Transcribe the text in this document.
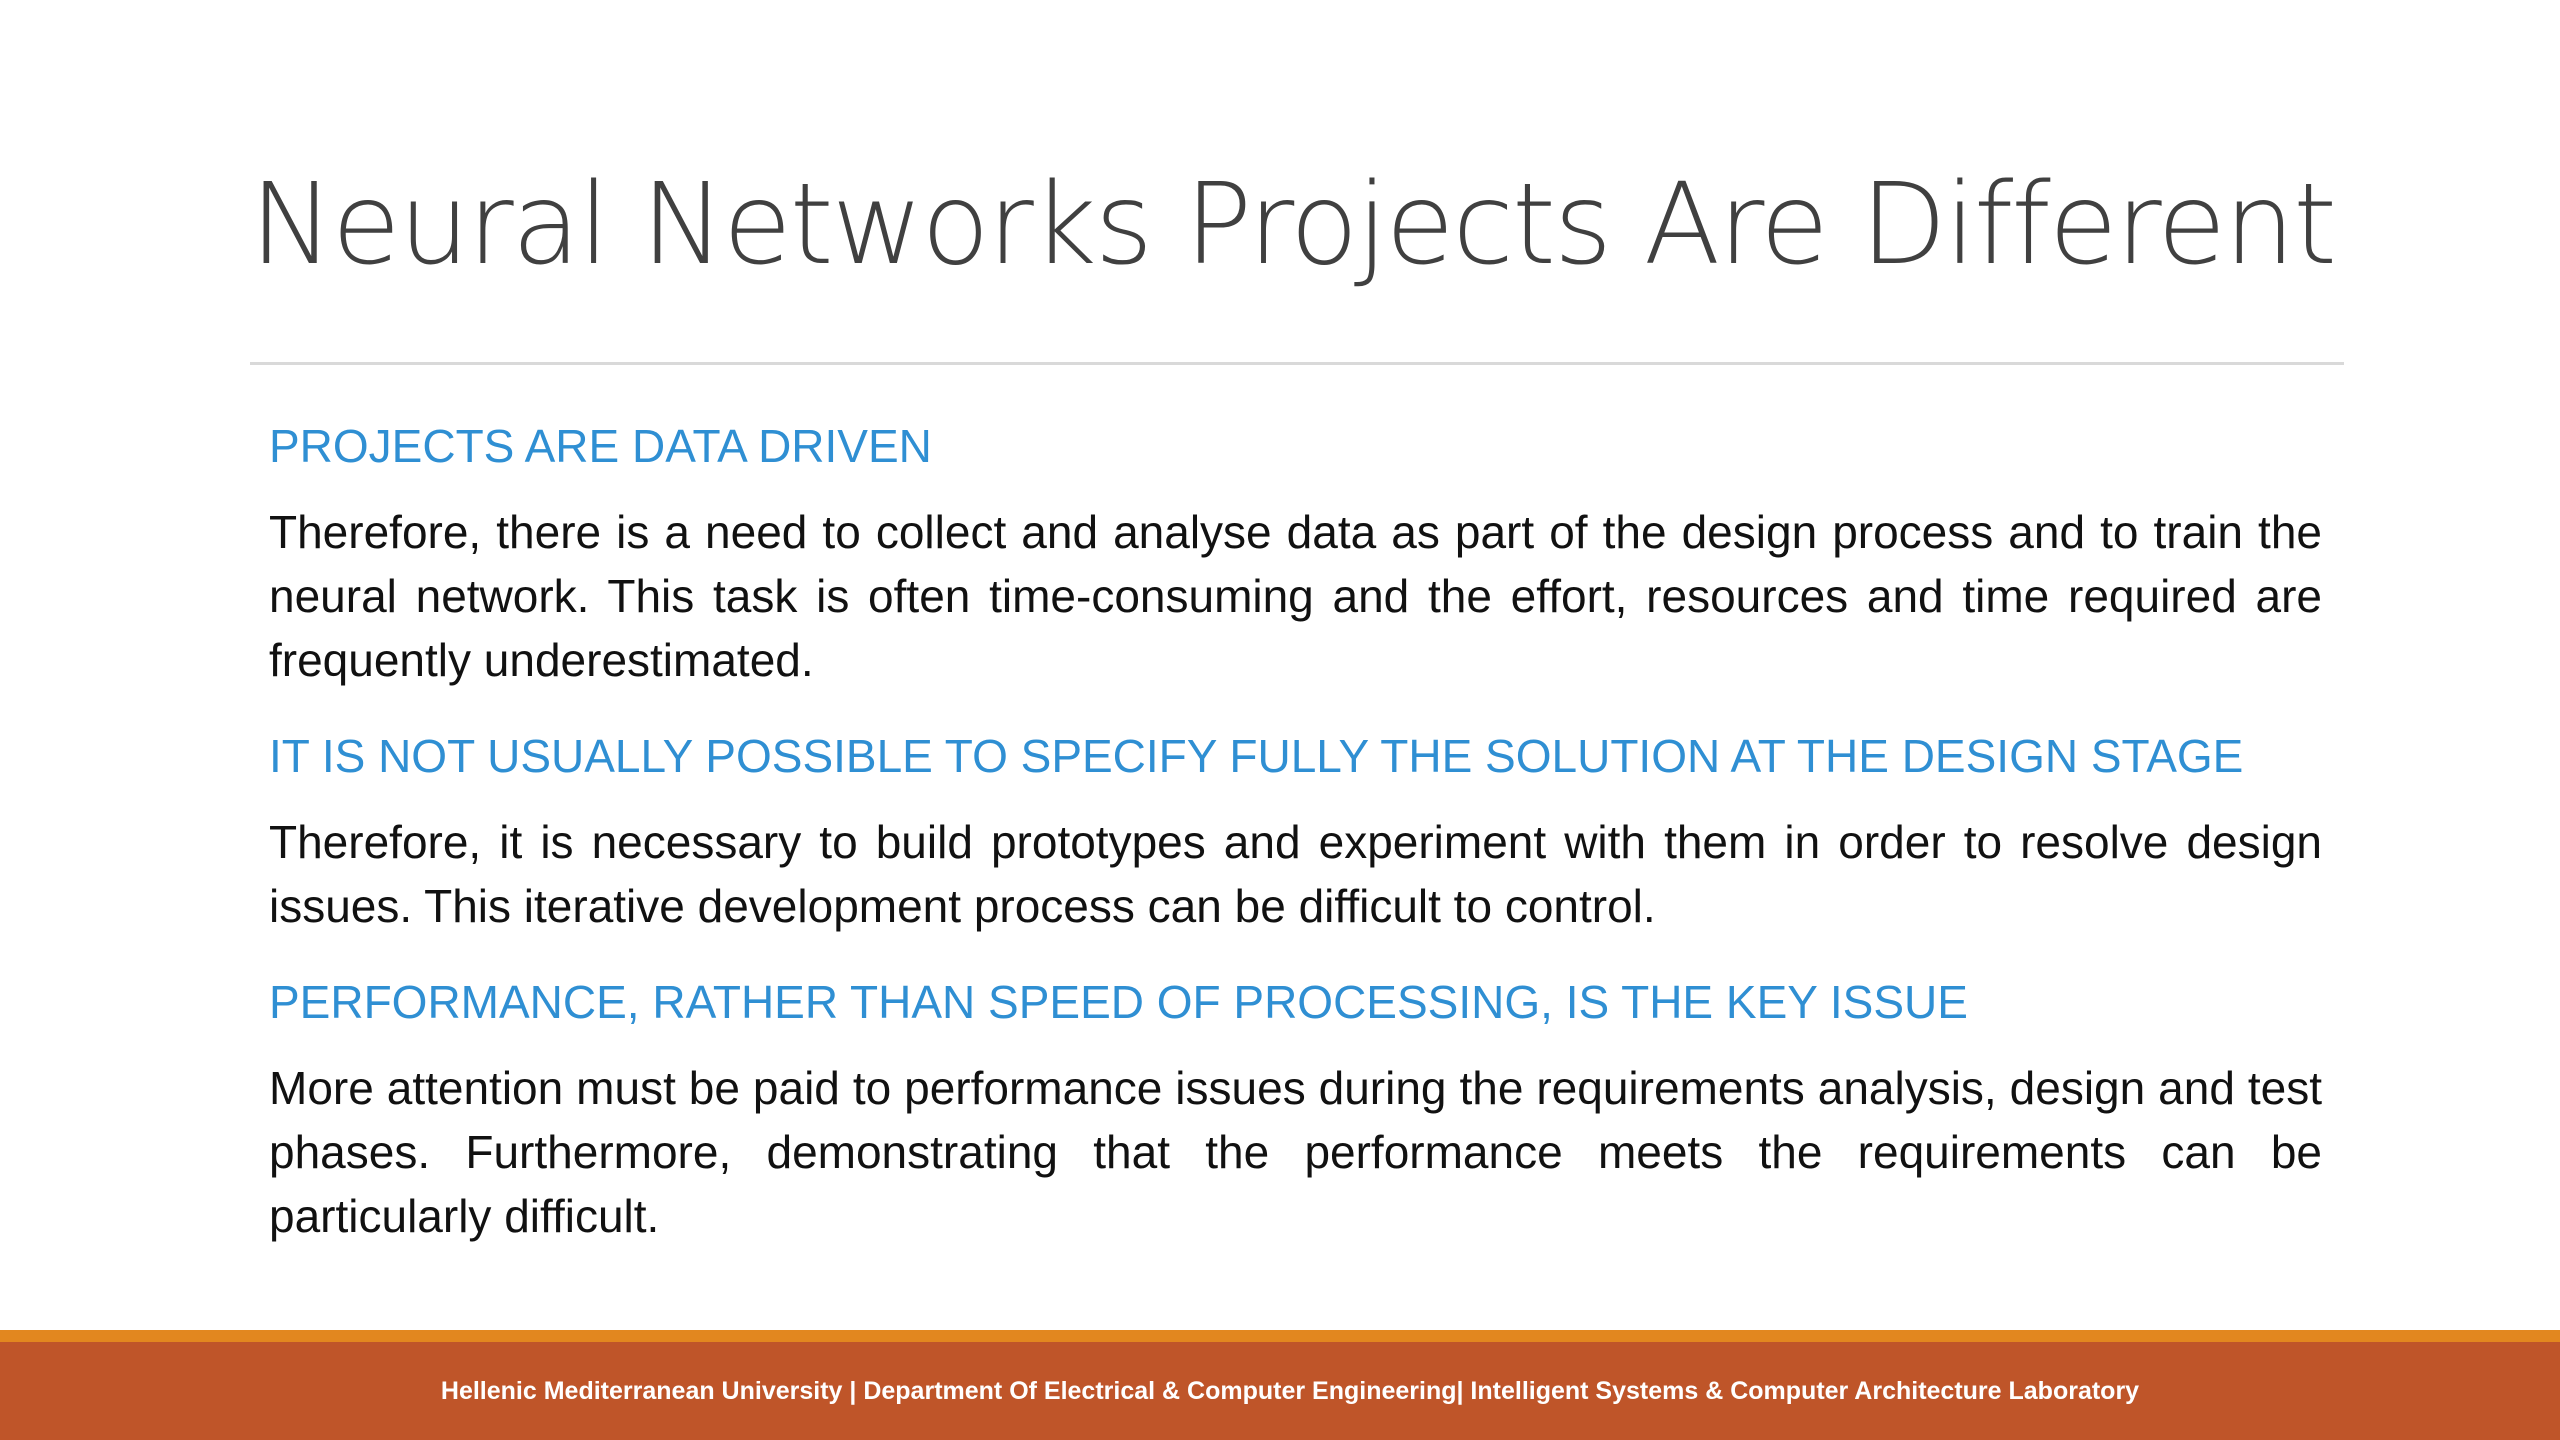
Neural Networks Projects Are Different

PROJECTS ARE DATA DRIVEN

Therefore, there is a need to collect and analyse data as part of the design process and to train the neural network. This task is often time-consuming and the effort, resources and time required are frequently underestimated.

IT IS NOT USUALLY POSSIBLE TO SPECIFY FULLY THE SOLUTION AT THE DESIGN STAGE

Therefore, it is necessary to build prototypes and experiment with them in order to resolve design issues. This iterative development process can be difficult to control.

PERFORMANCE, RATHER THAN SPEED OF PROCESSING, IS THE KEY ISSUE

More attention must be paid to performance issues during the requirements analysis, design and test phases. Furthermore, demonstrating that the performance meets the requirements can be particularly difficult.

Hellenic Mediterranean University | Department Of Electrical & Computer Engineering| Intelligent Systems & Computer Architecture Laboratory
